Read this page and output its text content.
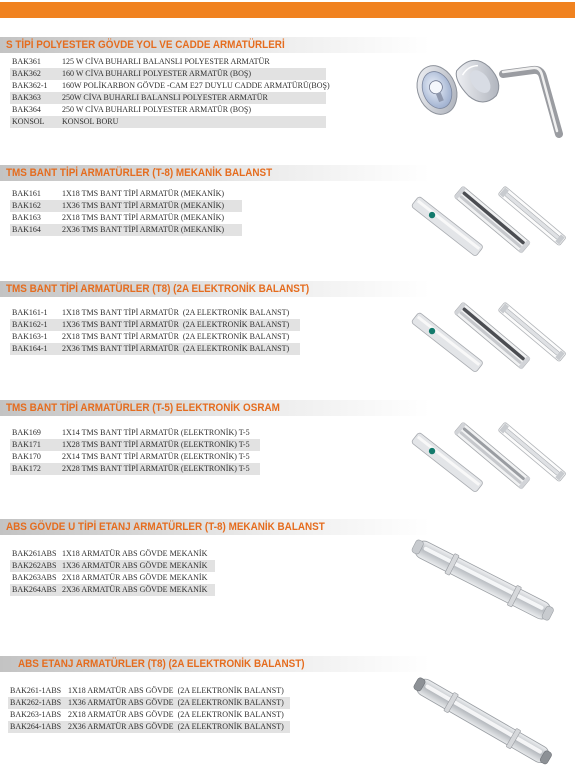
S TİPİ POLYESTER GÖVDE YOL VE CADDE ARMATÜRLERİ
BAK361	125 W CİVA BUHARLI BALANSLI POLYESTER ARMATÜR
BAK362	160 W CİVA BUHARLI POLYESTER ARMATÜR (BOŞ)
BAK362-1 160W POLİKARBON GÖVDE -CAM E27 DUYLU CADDE ARMATÜRÜ(BOŞ)
BAK363	250W CİVA BUHARLI BALANSLI POLYESTER ARMATÜR
BAK364	250 W CİVA BUHARLI POLYESTER ARMATÜR (BOŞ)
KONSOL KONSOL BORU
TMS BANT TİPİ ARMATÜRLER (T-8) MEKANİK BALANST
BAK161	1X18 TMS BANT TİPİ ARMATÜR (MEKANİK)
BAK162	1X36 TMS BANT TİPİ ARMATÜR (MEKANİK)
BAK163	2X18 TMS BANT TİPİ ARMATÜR (MEKANİK)
BAK164	2X36 TMS BANT TİPİ ARMATÜR (MEKANİK)
TMS BANT TİPİ ARMATÜRLER (T8) (2A ELEKTRONİK BALANST)
BAK161-1 1X18 TMS BANT TİPİ ARMATÜR  (2A ELEKTRONİK BALANST)
BAK162-1 1X36 TMS BANT TİPİ ARMATÜR  (2A ELEKTRONİK BALANST)
BAK163-1 2X18 TMS BANT TİPİ ARMATÜR  (2A ELEKTRONİK BALANST)
BAK164-1 2X36 TMS BANT TİPİ ARMATÜR  (2A ELEKTRONİK BALANST)
TMS BANT TİPİ ARMATÜRLER (T-5) ELEKTRONİK OSRAM
BAK169	1X14 TMS BANT TİPİ ARMATÜR (ELEKTRONİK) T-5
BAK171	1X28 TMS BANT TİPİ ARMATÜR (ELEKTRONİK) T-5
BAK170	2X14 TMS BANT TİPİ ARMATÜR (ELEKTRONİK) T-5
BAK172	2X28 TMS BANT TİPİ ARMATÜR (ELEKTRONİK) T-5
ABS GÖVDE U TİPİ ETANJ ARMATÜRLER (T-8) MEKANİK BALANST
BAK261ABS 1X18 ARMATÜR ABS GÖVDE MEKANİK
BAK262ABS 1X36 ARMATÜR ABS GÖVDE MEKANİK
BAK263ABS 2X18 ARMATÜR ABS GÖVDE MEKANİK
BAK264ABS 2X36 ARMATÜR ABS GÖVDE MEKANİK
ABS ETANJ ARMATÜRLER (T8) (2A ELEKTRONİK BALANST)
BAK261-1ABS 1X18 ARMATÜR ABS GÖVDE  (2A ELEKTRONİK BALANST)
BAK262-1ABS 1X36 ARMATÜR ABS GÖVDE  (2A ELEKTRONİK BALANST)
BAK263-1ABS 2X18 ARMATÜR ABS GÖVDE  (2A ELEKTRONİK BALANST)
BAK264-1ABS 2X36 ARMATÜR ABS GÖVDE  (2A ELEKTRONİK BALANST)
